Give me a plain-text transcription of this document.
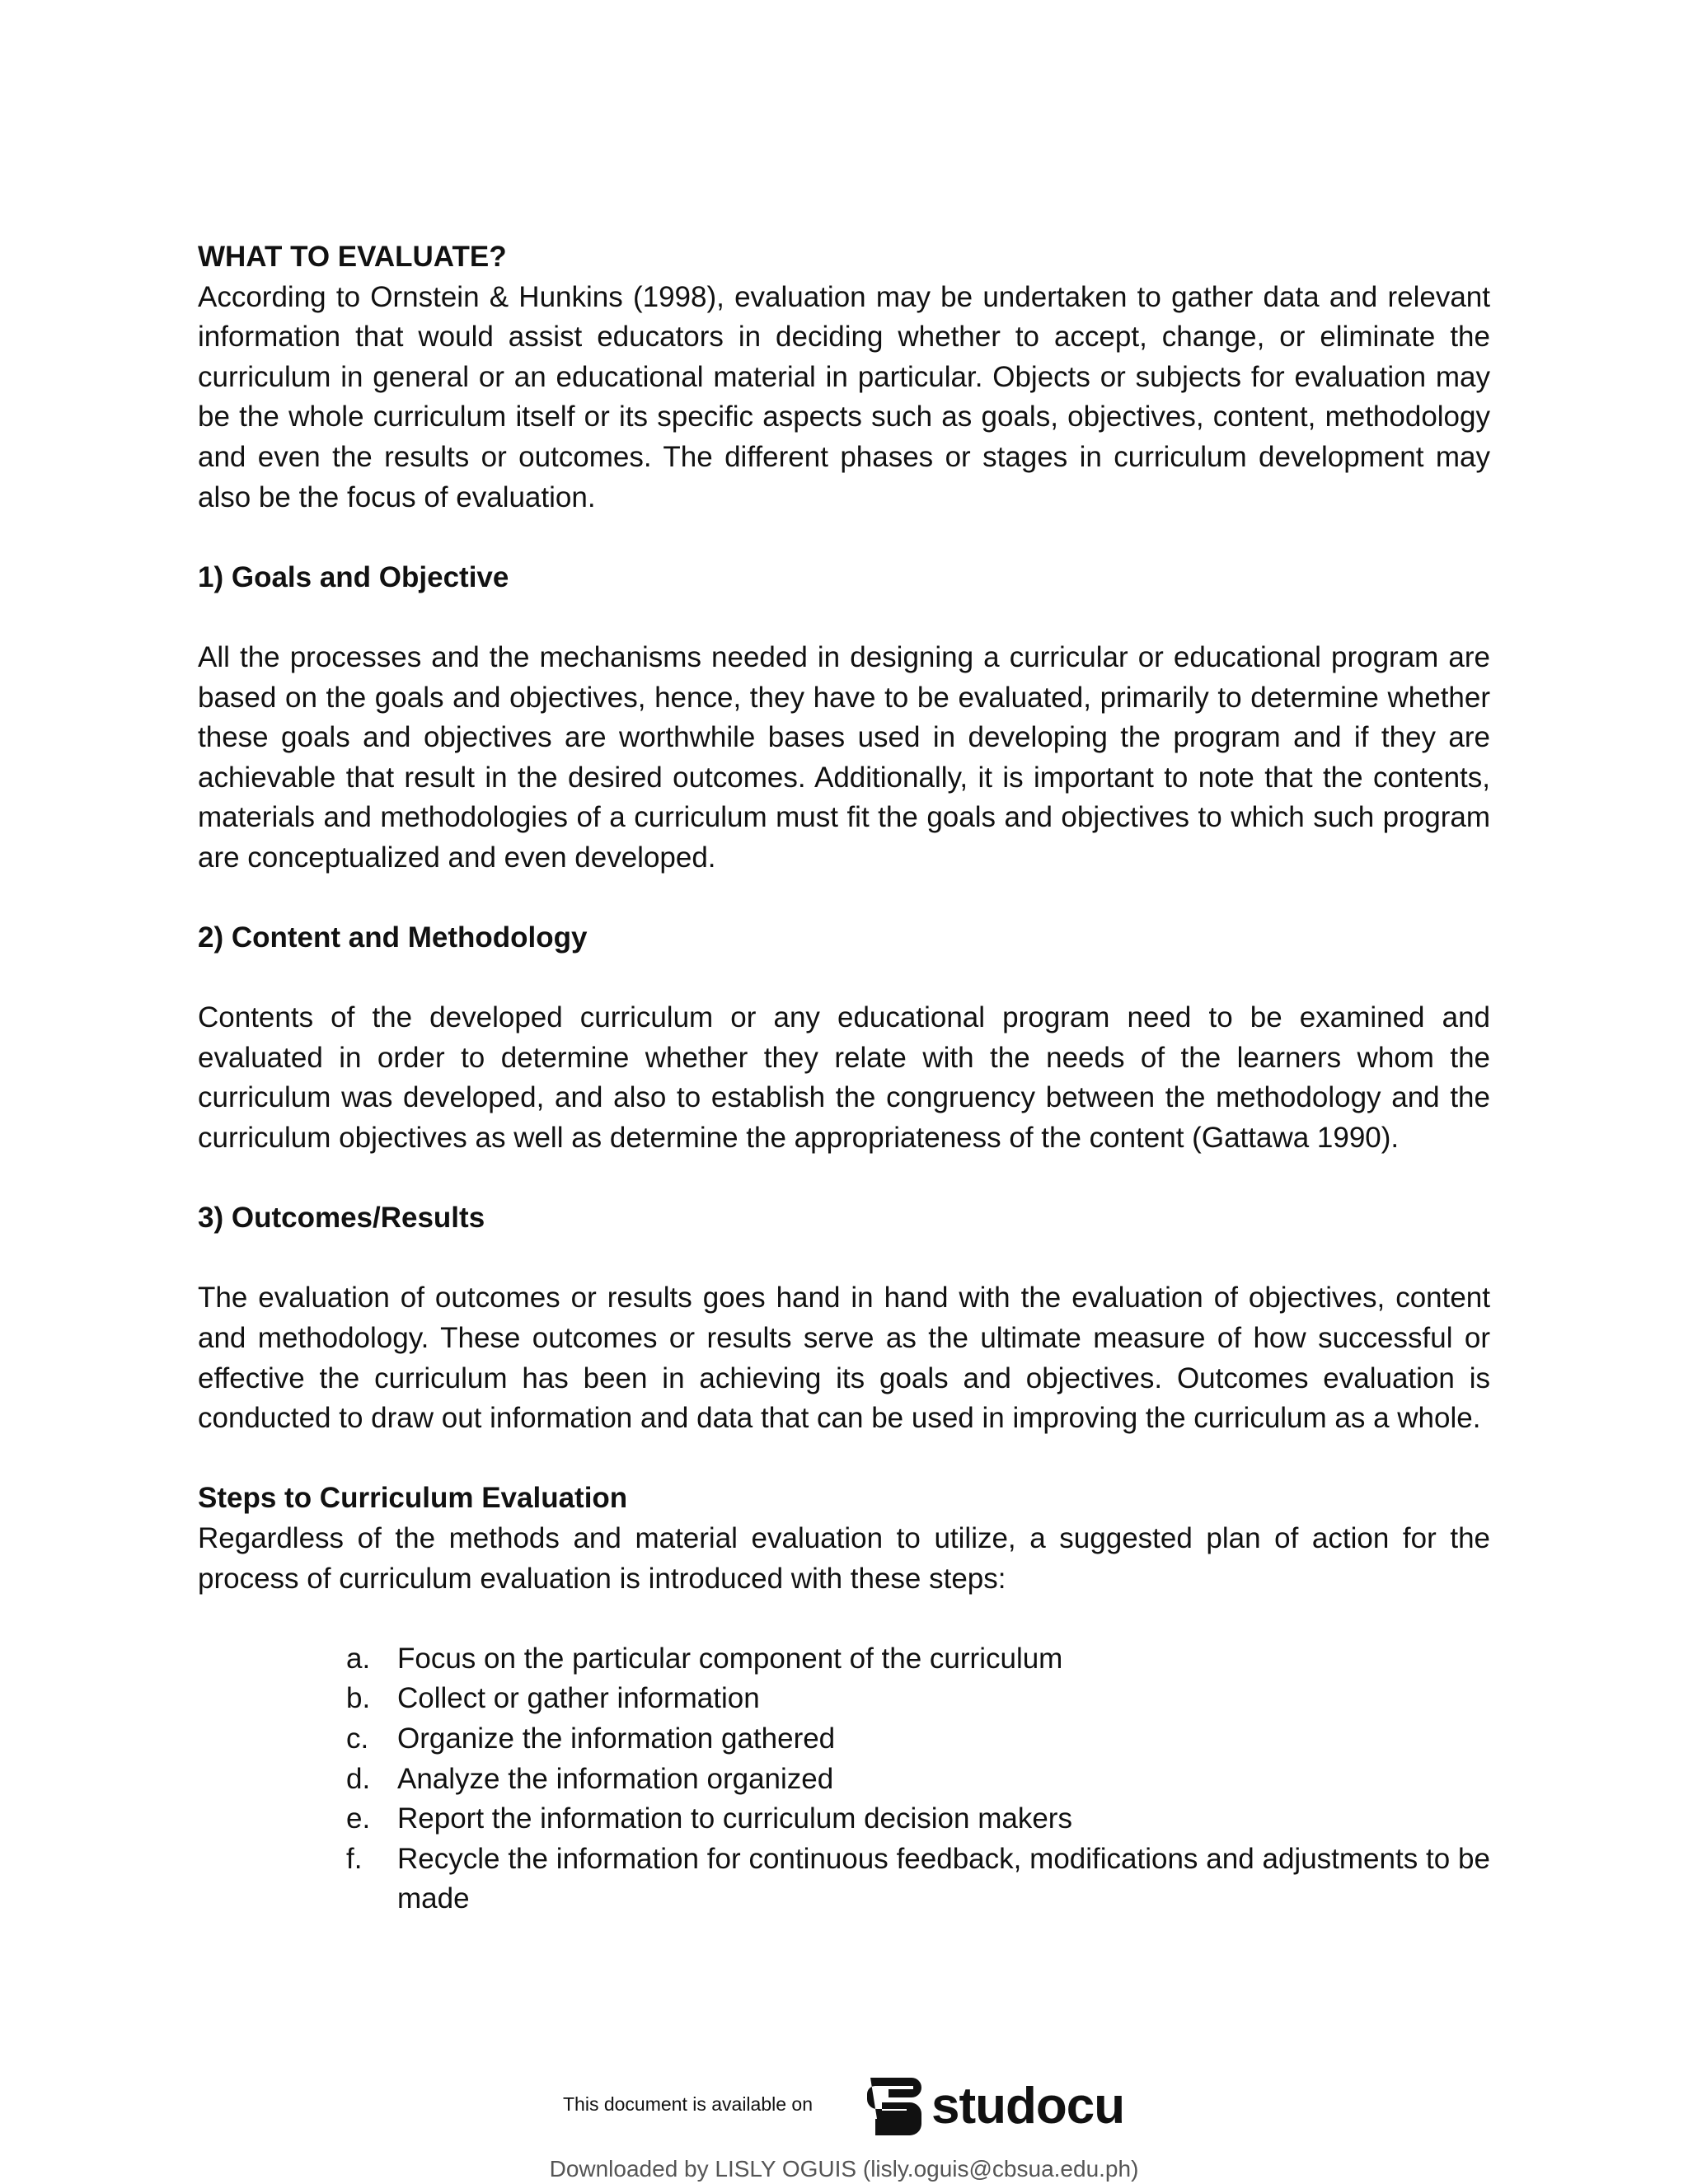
WHAT TO EVALUATE?

According to Ornstein & Hunkins (1998), evaluation may be undertaken to gather data and relevant information that would assist educators in deciding whether to accept, change, or eliminate the curriculum in general or an educational material in particular. Objects or subjects for evaluation may be the whole curriculum itself or its specific aspects such as goals, objectives, content, methodology and even the results or outcomes. The different phases or stages in curriculum development may also be the focus of evaluation.

1) Goals and Objective

All the processes and the mechanisms needed in designing a curricular or educational program are based on the goals and objectives, hence, they have to be evaluated, primarily to determine whether these goals and objectives are worthwhile bases used in developing the program and if they are achievable that result in the desired outcomes. Additionally, it is important to note that the contents, materials and methodologies of a curriculum must fit the goals and objectives to which such program are conceptualized and even developed.

2) Content and Methodology

Contents of the developed curriculum or any educational program need to be examined and evaluated in order to determine whether they relate with the needs of the learners whom the curriculum was developed, and also to establish the congruency between the methodology and the curriculum objectives as well as determine the appropriateness of the content (Gattawa 1990).

3) Outcomes/Results

The evaluation of outcomes or results goes hand in hand with the evaluation of objectives, content and methodology. These outcomes or results serve as the ultimate measure of how successful or effective the curriculum has been in achieving its goals and objectives. Outcomes evaluation is conducted to draw out information and data that can be used in improving the curriculum as a whole.

Steps to Curriculum Evaluation

Regardless of the methods and material evaluation to utilize, a suggested plan of action for the process of curriculum evaluation is introduced with these steps:

a. Focus on the particular component of the curriculum
b. Collect or gather information
c. Organize the information gathered
d. Analyze the information organized
e. Report the information to curriculum decision makers
f. Recycle the information for continuous feedback, modifications and adjustments to be made
This document is available on studocu
Downloaded by LISLY OGUIS (lisly.oguis@cbsua.edu.ph)
